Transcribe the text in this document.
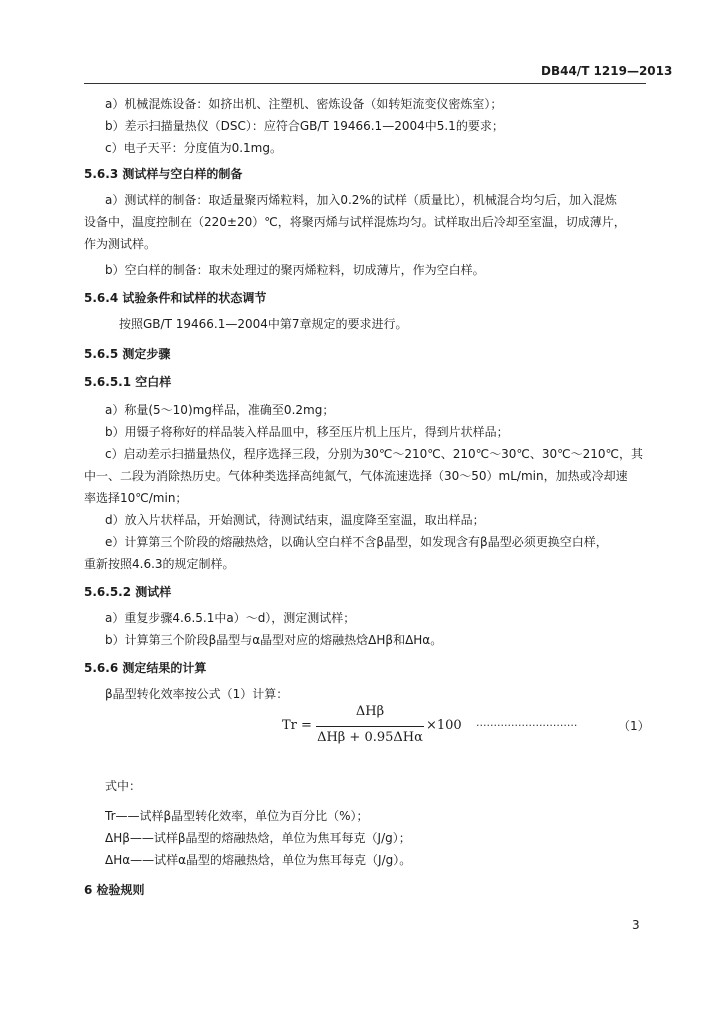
DB44/T 1219—2013
a）机械混炼设备：如挤出机、注塑机、密炼设备（如转矩流变仪密炼室）；
b）差示扫描量热仪（DSC）：应符合GB/T 19466.1—2004中5.1的要求；
c）电子天平：分度值为0.1mg。
5.6.3 测试样与空白样的制备
a）测试样的制备：取适量聚丙烯粒料，加入0.2%的试样（质量比），机械混合均匀后，加入混炼
设备中，温度控制在（220±20）℃，将聚丙烯与试样混炼均匀。试样取出后冷却至室温，切成薄片，
作为测试样。
b）空白样的制备：取未处理过的聚丙烯粒料，切成薄片，作为空白样。
5.6.4 试验条件和试样的状态调节
按照GB/T 19466.1—2004中第7章规定的要求进行。
5.6.5 测定步骤
5.6.5.1 空白样
a）称量(5～10)mg样品，准确至0.2mg；
b）用镊子将称好的样品装入样品皿中，移至压片机上压片，得到片状样品；
c）启动差示扫描量热仪，程序选择三段，分别为30℃～210℃、210℃～30℃、30℃～210℃，其
中一、二段为消除热历史。气体种类选择高纯氮气，气体流速选择（30～50）mL/min，加热或冷却速
率选择10℃/min；
d）放入片状样品，开始测试，待测试结束，温度降至室温，取出样品；
e）计算第三个阶段的熔融热焓，以确认空白样不含β晶型，如发现含有β晶型必须更换空白样，
重新按照4.6.3的规定制样。
5.6.5.2 测试样
a）重复步骤4.6.5.1中a）～d），测定测试样；
b）计算第三个阶段β晶型与α晶型对应的熔融热焓ΔHβ和ΔHα。
5.6.6 测定结果的计算
β晶型转化效率按公式（1）计算：
式中：
Tr——试样β晶型转化效率，单位为百分比（%）；
ΔHβ——试样β晶型的熔融热焓，单位为焦耳每克（J/g）；
ΔHα——试样α晶型的熔融热焓，单位为焦耳每克（J/g）。
6 检验规则
Tr =
ΔHβ
ΔHβ + 0.95ΔHα
×100 ·····························	（1）
3
